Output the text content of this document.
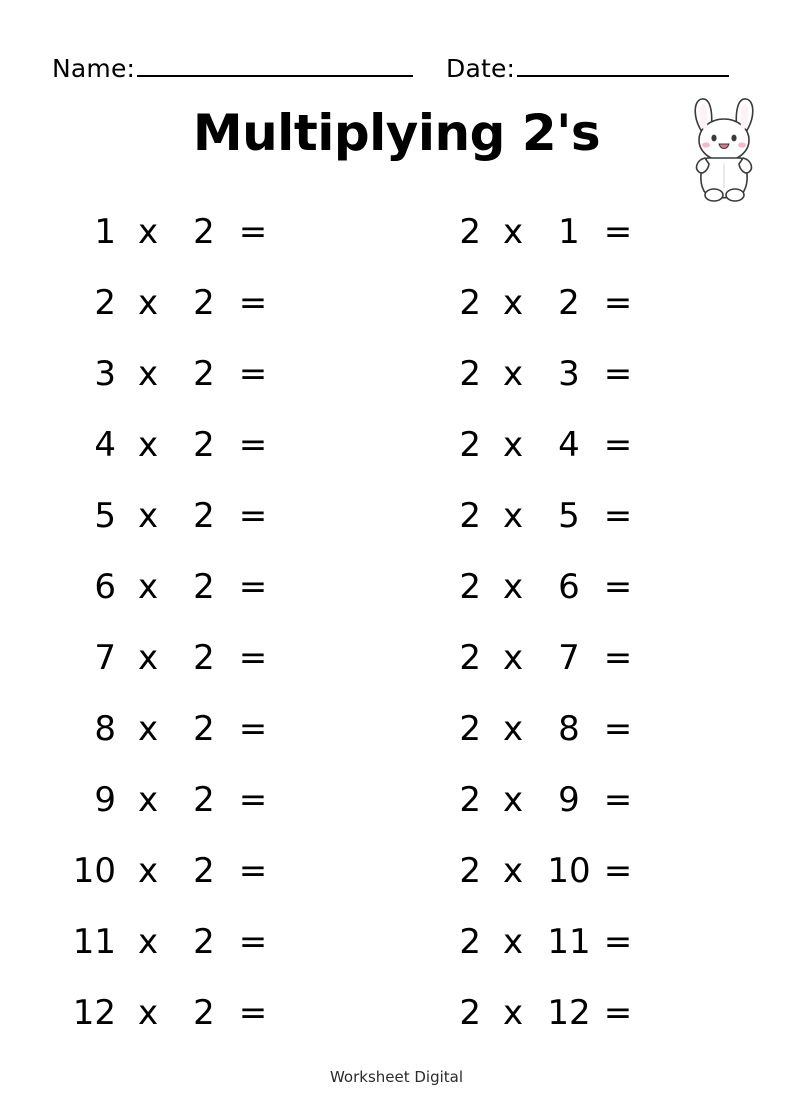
Name:	Date:
Multiplying 2's
1 x	2 =
2 x	2 =
3 x	2 =
4 x	2 =
5 x	2 =
6 x	2 =
7 x	2 =
8 x	2 =
9 x	2 =
10 x	2 =
11 x	2 =
12 x	2 =
2 x	1 =
2 x	2 =
2 x	3 =
2 x	4 =
2 x	5 =
2 x	6 =
2 x	7 =
2 x	8 =
2 x	9 =
2 x 10 =
2 x 11 =
2 x 12 =
Worksheet Digital
